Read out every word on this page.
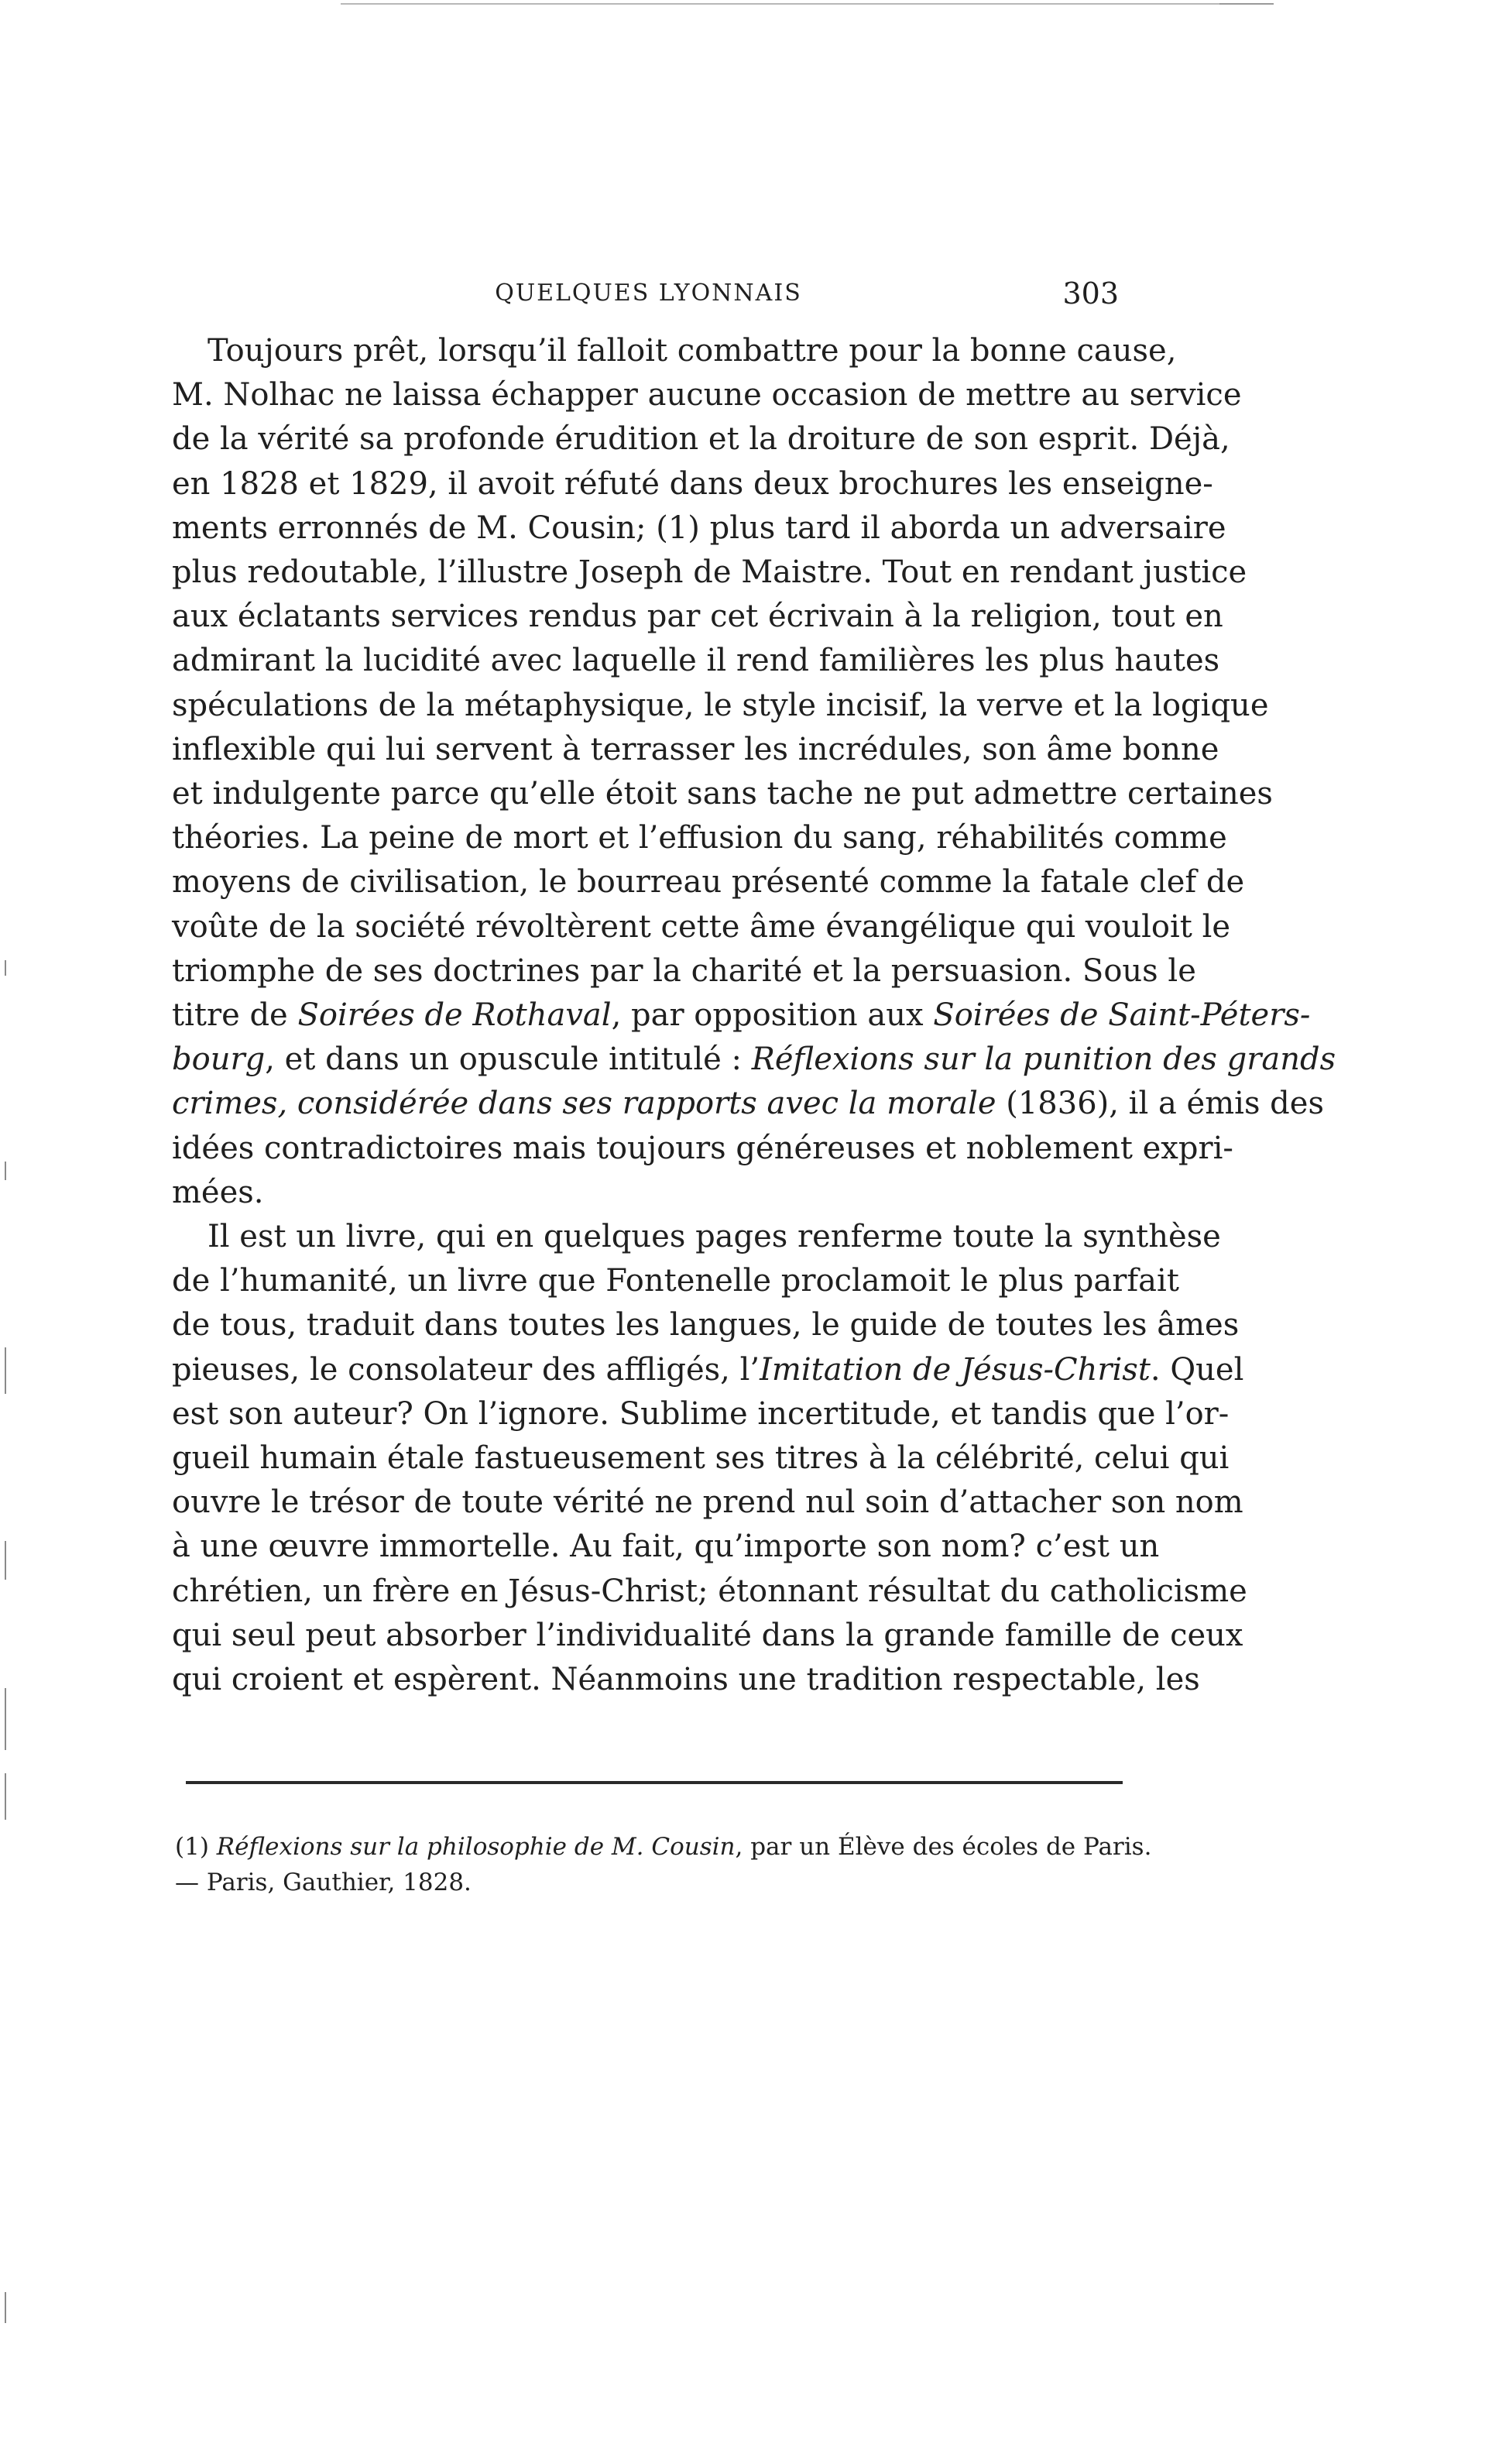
QUELQUES LYONNAIS	303

Toujours prêt, lorsqu’il falloit combattre pour la bonne cause,
M. Nolhac ne laissa échapper aucune occasion de mettre au service
de la vérité sa profonde érudition et la droiture de son esprit. Déjà,
en 1828 et 1829, il avoit réfuté dans deux brochures les enseigne-
ments erronnés de M. Cousin; (1) plus tard il aborda un adversaire
plus redoutable, l’illustre Joseph de Maistre. Tout en rendant justice
aux éclatants services rendus par cet écrivain à la religion, tout en
admirant la lucidité avec laquelle il rend familières les plus hautes
spéculations de la métaphysique, le style incisif, la verve et la logique
inflexible qui lui servent à terrasser les incrédules, son âme bonne
et indulgente parce qu’elle étoit sans tache ne put admettre certaines
théories. La peine de mort et l’effusion du sang, réhabilités comme
moyens de civilisation, le bourreau présenté comme la fatale clef de
voûte de la société révoltèrent cette âme évangélique qui vouloit le
triomphe de ses doctrines par la charité et la persuasion. Sous le
titre de Soirées de Rothaval, par opposition aux Soirées de Saint-Péters-
bourg, et dans un opuscule intitulé : Réflexions sur la punition des grands
crimes, considérée dans ses rapports avec la morale (1836), il a émis des
idées contradictoires mais toujours généreuses et noblement expri-
mées.

Il est un livre, qui en quelques pages renferme toute la synthèse
de l’humanité, un livre que Fontenelle proclamoit le plus parfait
de tous, traduit dans toutes les langues, le guide de toutes les âmes
pieuses, le consolateur des affligés, l’Imitation de Jésus-Christ. Quel
est son auteur? On l’ignore. Sublime incertitude, et tandis que l’or-
gueil humain étale fastueusement ses titres à la célébrité, celui qui
ouvre le trésor de toute vérité ne prend nul soin d’attacher son nom
à une œuvre immortelle. Au fait, qu’importe son nom? c’est un
chrétien, un frère en Jésus-Christ; étonnant résultat du catholicisme
qui seul peut absorber l’individualité dans la grande famille de ceux
qui croient et espèrent. Néanmoins une tradition respectable, les

(1) Réflexions sur la philosophie de M. Cousin, par un Élève des écoles de Paris.
— Paris, Gauthier, 1828.
